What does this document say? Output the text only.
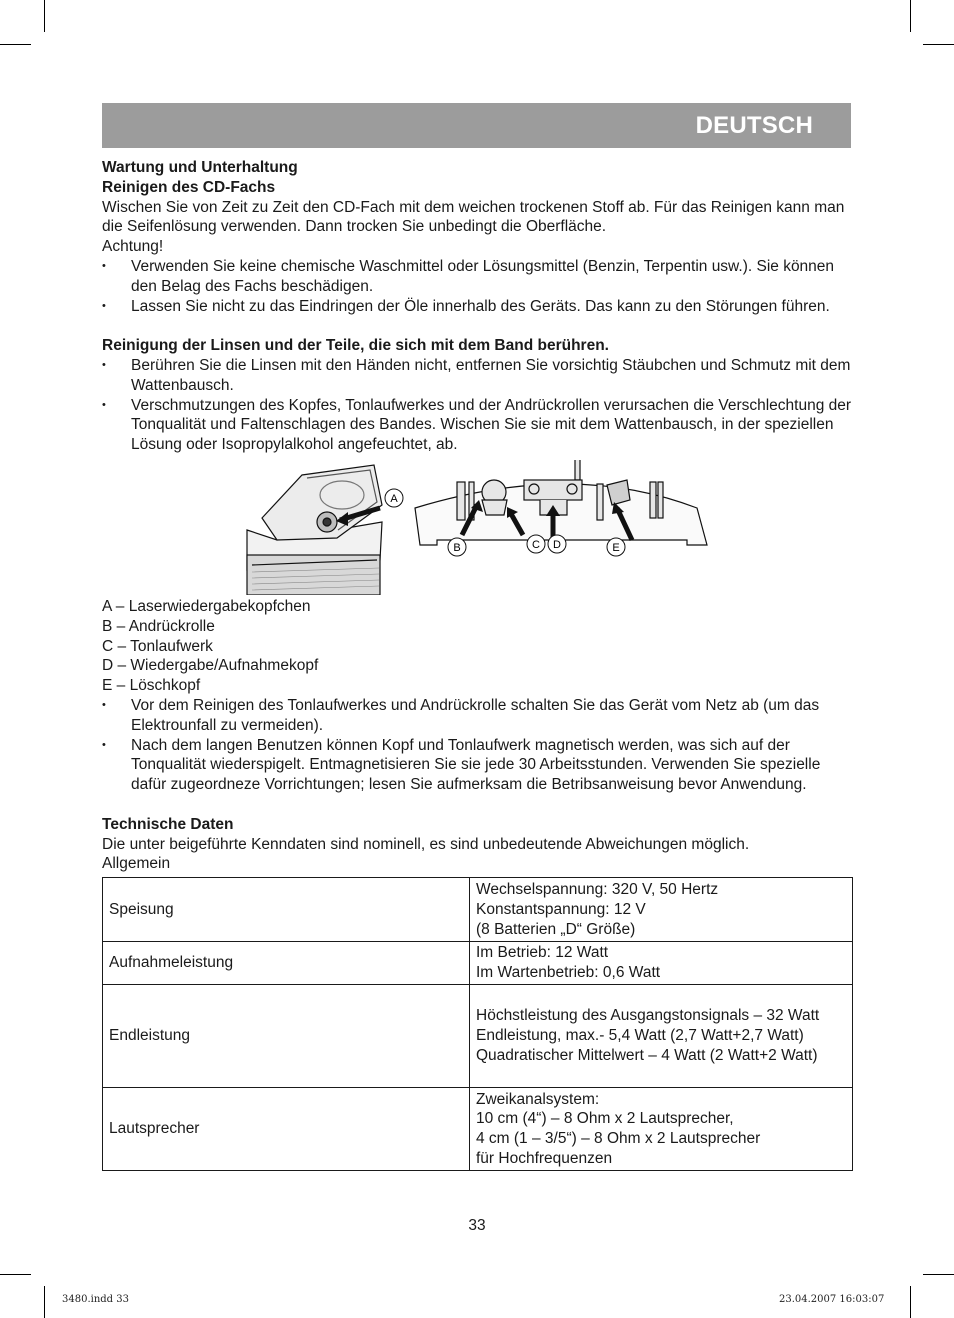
DEUTSCH

Wartung und Unterhaltung

Reinigen des CD-Fachs

Wischen Sie von Zeit zu Zeit den CD-Fach mit dem weichen trockenen Stoff ab. Für das Reinigen kann man die Seifenlösung verwenden. Dann trocken Sie unbedingt die Oberfläche.

Achtung!

• Verwenden Sie keine chemische Waschmittel oder Lösungsmittel (Benzin, Terpentin usw.). Sie können den Belag des Fachs beschädigen.
• Lassen Sie nicht zu das Eindringen der Öle innerhalb des Geräts. Das kann zu den Störungen führen.

Reinigung der Linsen und der Teile, die sich mit dem Band berühren.

• Berühren Sie die Linsen mit den Händen nicht, entfernen Sie vorsichtig Stäubchen und Schmutz mit dem Wattenbausch.
• Verschmutzungen des Kopfes, Tonlaufwerkes und der Andrückrollen verursachen die Verschlechtung der Tonqualität und Faltenschlagen des Bandes. Wischen Sie sie mit dem Wattenbausch, in der speziellen Lösung oder Isopropylalkohol angefeuchtet, ab.
A
B	C D	E

A – Laserwiedergabekopfchen

B – Andrückrolle

C – Tonlaufwerk

D – Wiedergabe/Aufnahmekopf

E – Löschkopf

• Vor dem Reinigen des Tonlaufwerkes und Andrückrolle schalten Sie das Gerät vom Netz ab (um das Elektrounfall zu vermeiden).
• Nach dem langen Benutzen können Kopf und Tonlaufwerk magnetisch werden, was sich auf der Tonqualität wiederspigelt. Entmagnetisieren Sie sie jede 30 Arbeitsstunden. Verwenden Sie spezielle dafür zugeordneze Vorrichtungen; lesen Sie aufmerksam die Betribsanweisung bevor Anwendung.

Technische Daten

Die unter beigeführte Kenndaten sind nominell, es sind unbedeutende Abweichungen möglich.

Allgemein

Speisung	Wechselspannung: 320 V, 50 Hertz
Konstantspannung: 12 V
(8 Batterien „D“ Größe)

Aufnahmeleistung	Im Betrieb: 12 Watt
Im Wartenbetrieb: 0,6 Watt

Endleistung	Höchstleistung des Ausgangstonsignals – 32 Watt
Endleistung, max.- 5,4 Watt (2,7 Watt+2,7 Watt)
Quadratischer Mittelwert – 4 Watt (2 Watt+2 Watt)

Lautsprecher	Zweikanalsystem:
10 cm (4“) – 8 Ohm x 2 Lautsprecher,
4 cm (1 – 3/5“) – 8 Ohm x 2 Lautsprecher
für Hochfrequenzen
33
3480.indd 33	23.04.2007 16:03:07
